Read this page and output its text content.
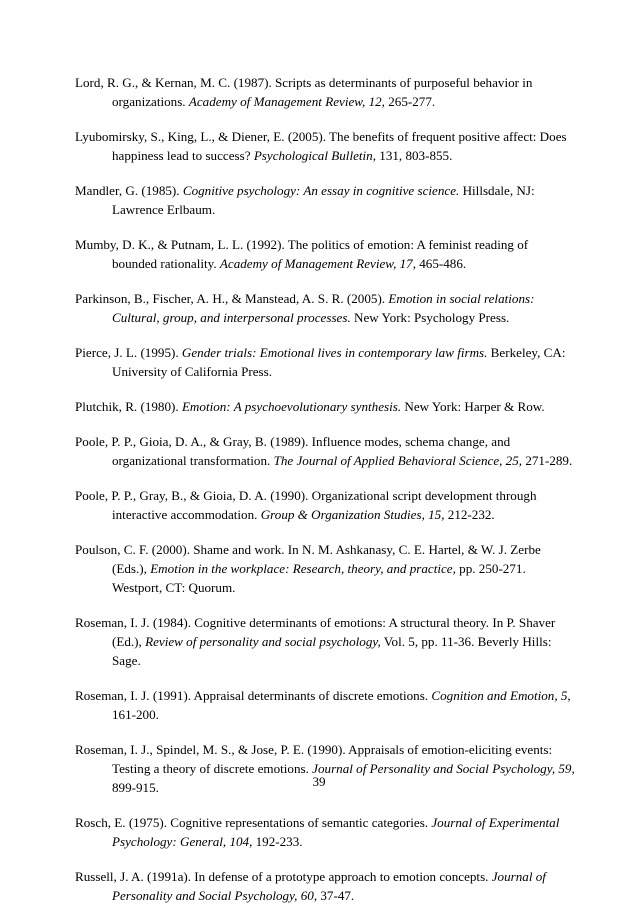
Lord, R. G., & Kernan, M. C. (1987). Scripts as determinants of purposeful behavior in organizations. Academy of Management Review, 12, 265-277.

Lyubomirsky, S., King, L., & Diener, E. (2005). The benefits of frequent positive affect: Does happiness lead to success? Psychological Bulletin, 131, 803-855.

Mandler, G. (1985). Cognitive psychology: An essay in cognitive science. Hillsdale, NJ: Lawrence Erlbaum.

Mumby, D. K., & Putnam, L. L. (1992). The politics of emotion: A feminist reading of bounded rationality. Academy of Management Review, 17, 465-486.

Parkinson, B., Fischer, A. H., & Manstead, A. S. R. (2005). Emotion in social relations: Cultural, group, and interpersonal processes. New York: Psychology Press.

Pierce, J. L. (1995). Gender trials: Emotional lives in contemporary law firms. Berkeley, CA: University of California Press.

Plutchik, R. (1980). Emotion: A psychoevolutionary synthesis. New York: Harper & Row.

Poole, P. P., Gioia, D. A., & Gray, B. (1989). Influence modes, schema change, and organizational transformation. The Journal of Applied Behavioral Science, 25, 271-289.

Poole, P. P., Gray, B., & Gioia, D. A. (1990). Organizational script development through interactive accommodation. Group & Organization Studies, 15, 212-232.

Poulson, C. F. (2000). Shame and work. In N. M. Ashkanasy, C. E. Hartel, & W. J. Zerbe (Eds.), Emotion in the workplace: Research, theory, and practice, pp. 250-271. Westport, CT: Quorum.

Roseman, I. J. (1984). Cognitive determinants of emotions: A structural theory. In P. Shaver (Ed.), Review of personality and social psychology, Vol. 5, pp. 11-36. Beverly Hills: Sage.

Roseman, I. J. (1991). Appraisal determinants of discrete emotions. Cognition and Emotion, 5, 161-200.

Roseman, I. J., Spindel, M. S., & Jose, P. E. (1990). Appraisals of emotion-eliciting events: Testing a theory of discrete emotions. Journal of Personality and Social Psychology, 59, 899-915.

Rosch, E. (1975). Cognitive representations of semantic categories. Journal of Experimental Psychology: General, 104, 192-233.

Russell, J. A. (1991a). In defense of a prototype approach to emotion concepts. Journal of Personality and Social Psychology, 60, 37-47.

39
